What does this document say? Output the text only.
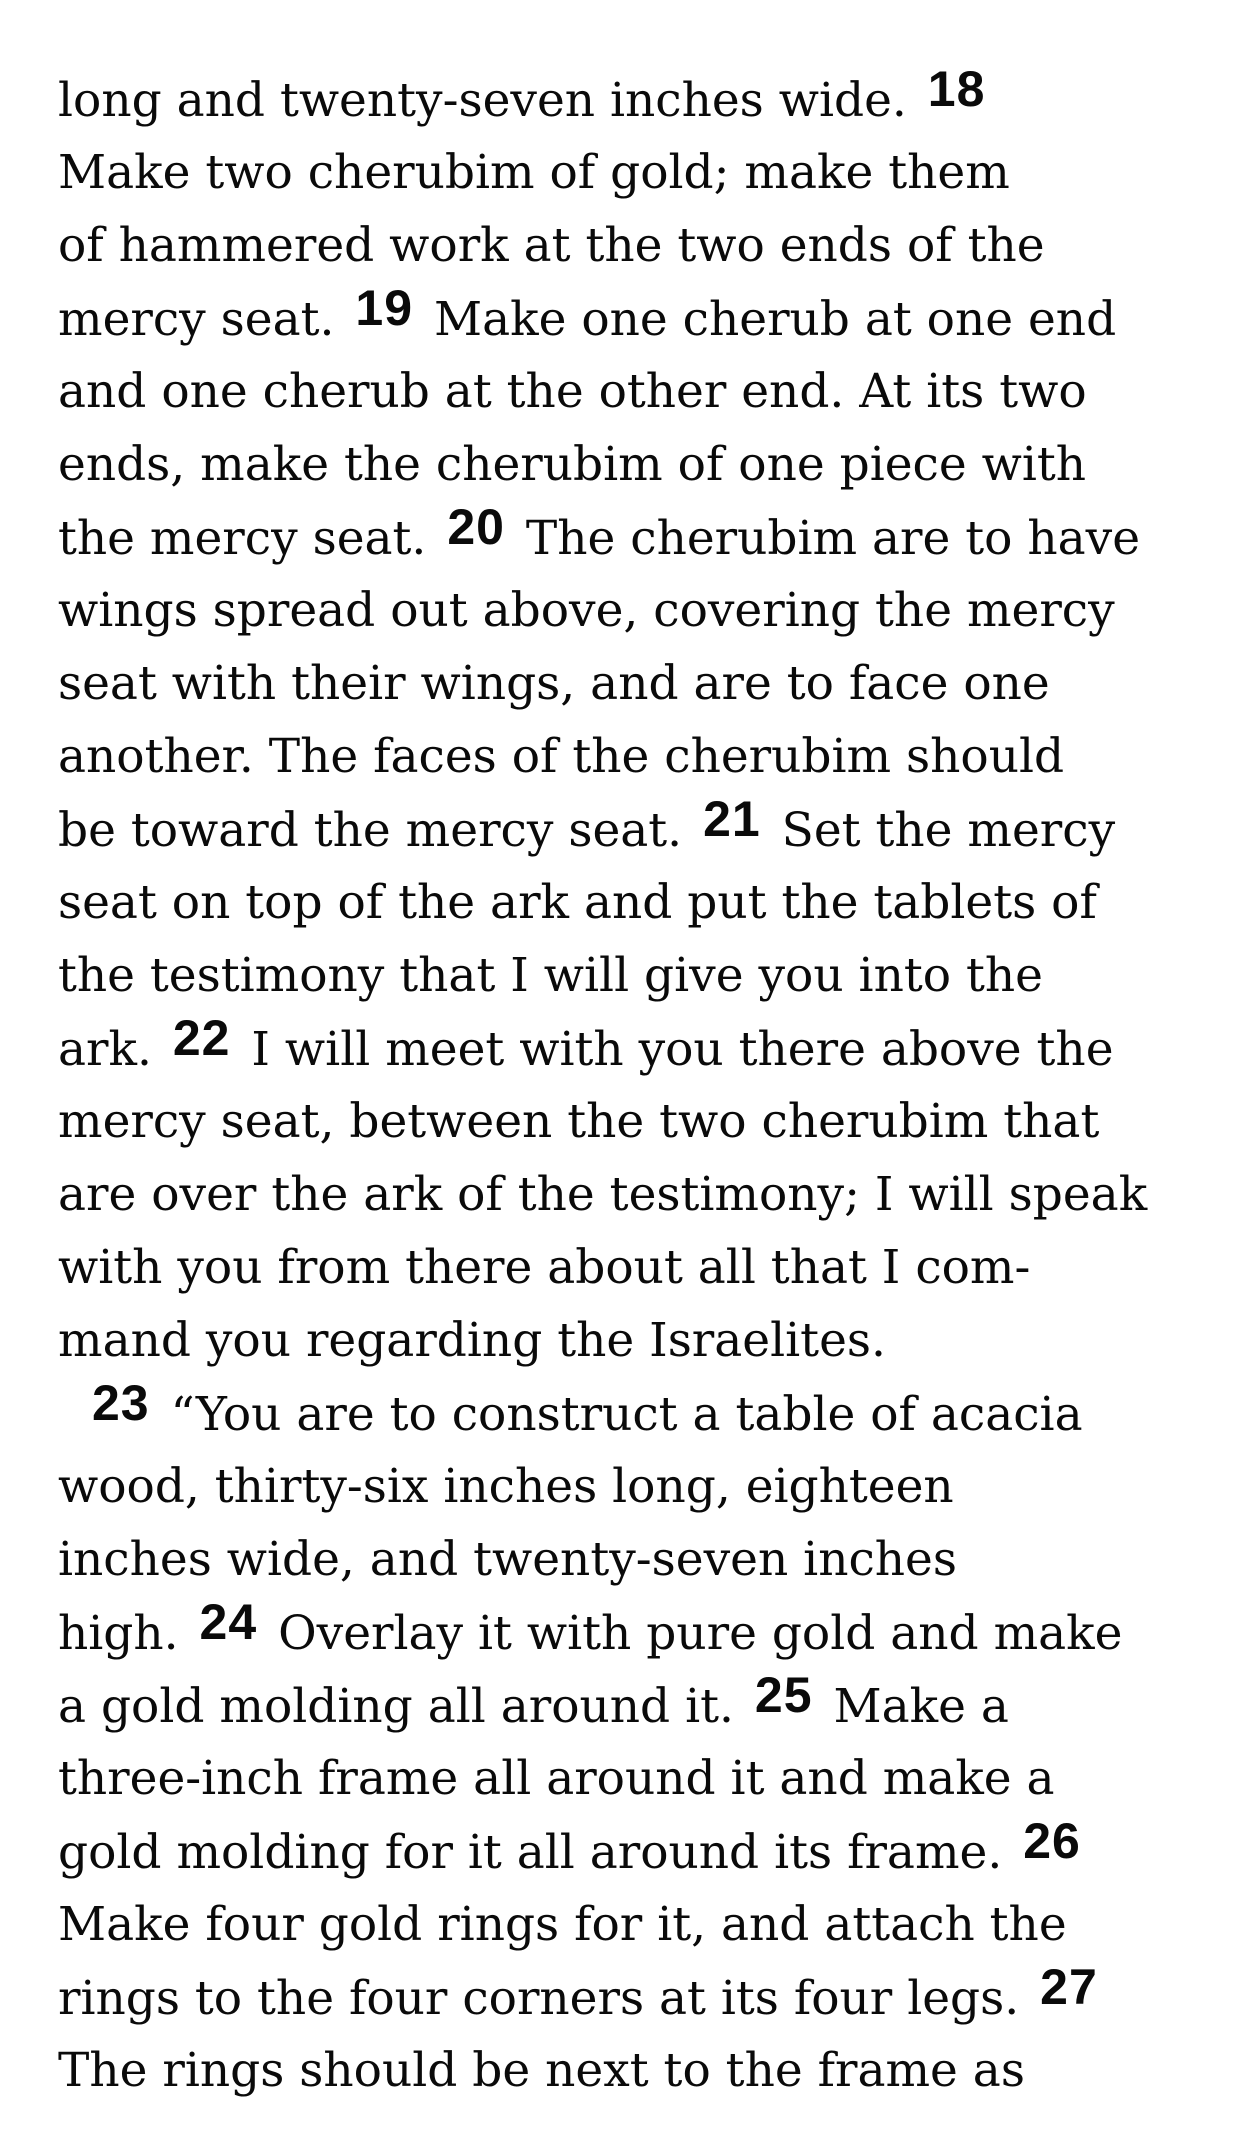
long and twenty-seven inches wide. 18
Make two cherubim of gold; make them
of hammered work at the two ends of the
mercy seat. 19 Make one cherub at one end
and one cherub at the other end. At its two
ends, make the cherubim of one piece with
the mercy seat. 20 The cherubim are to have
wings spread out above, covering the mercy
seat with their wings, and are to face one
another. The faces of the cherubim should
be toward the mercy seat. 21 Set the mercy
seat on top of the ark and put the tablets of
the testimony that I will give you into the
ark. 22 I will meet with you there above the
mercy seat, between the two cherubim that
are over the ark of the testimony; I will speak
with you from there about all that I com-
mand you regarding the Israelites.
23 “You are to construct a table of acacia
wood, thirty-six inches long, eighteen
inches wide, and twenty-seven inches
high. 24 Overlay it with pure gold and make
a gold molding all around it. 25 Make a
three-inch frame all around it and make a
gold molding for it all around its frame. 26
Make four gold rings for it, and attach the
rings to the four corners at its four legs. 27
The rings should be next to the frame as
